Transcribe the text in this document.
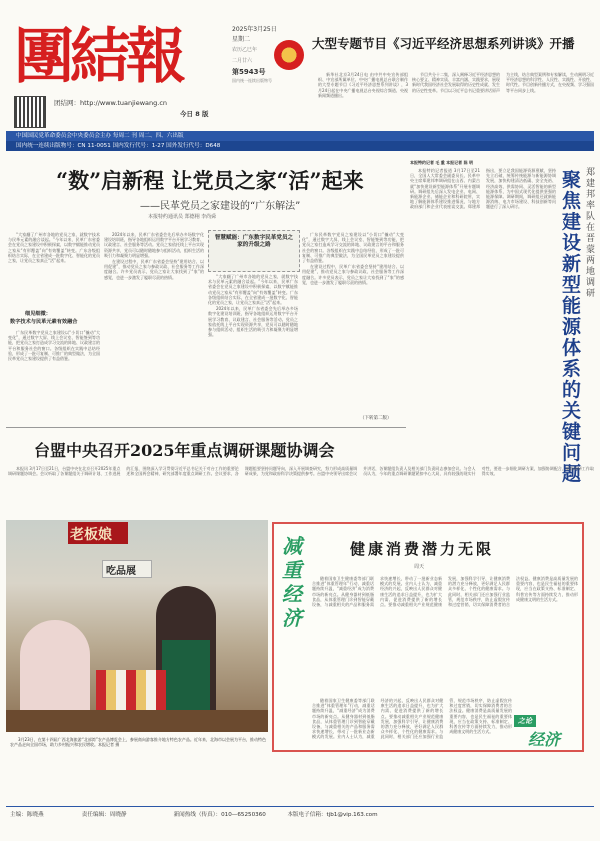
團結報
团结网：http://www.tuanjiewang.cn
今日 8 版
2025年3月25日
星期二
农历乙巳年
二月廿六
第5943号
国内统一连续出版物号
中国国民党革命委员会中央委员会主办 每周二 刊 周二、四、六出版
国内统一连续出版物号：CN 11-0051 国内发行代号：1-27 国外发行代号：D648
大型专题节目《习近平经济思想系列讲谈》开播

新华社北京3月24日电 由中共中央宣传部组织、中宣部所属单位、中央广播电视总台联合制作的大型专题节目《习近平经济思想系列讲谈》，3月24日起在中央广播电视总台央视综合频道、央视新闻频道播出。

节目共分十二集，深入阐释习近平经济思想的核心要义、精神实质、丰富内涵、实践要求，展现新时代我国经济社会发展取得的历史性成就、发生的历史性变革。节目以习近平总书记重要讲话原声为主线，结合典型案例和专家解读，生动阐明习近平经济思想的科学性、人民性、实践性、开放性、时代性。节目创新传播方式，在央视频、学习强国等平台同步上线。

本报特约记者 毛 重 本报记者 陈 明

本报特约记者报道 3月17日至21日，全国人大常委会副委员长、民革中央主席郑建邦率调研组在山西、内蒙古就“加快建设新型能源体系”开展专题调研。调研组先后深入发电企业、电网、新能源企业、储能企业和科研院所，实地了解能源体系建设推进情况，与地方政府部门和企业代表座谈交流。郑建邦指出，要立足我国能源资源禀赋，坚持先立后破，统筹传统能源与新能源协调发展，加快构建清洁低碳、安全充裕、经济高效、供需协同、灵活智能的新型能源体系，为中国式现代化提供坚强的能源保障。调研期间，调研组还就新能源消纳、电力市场建设、科技创新等问题进行了深入研讨。

聚焦建设新型能源体系的关键问题
郑建邦率队在晋蒙两地调研
“数”启新程 让党员之家“活”起来
——民革党员之家建设的“广东解法”
本报特约通讯员 郑德栩 李尚舜

“大家翻了广州市各地的党员之家，就数字技术与民革元素的融合谈起。”今年以来，民革广东省委会在党员之家建设中积极探索，以数字赋能推动党员之家从“有形覆盖”向“有效覆盖”转变。广东各级组织结合实际，在全省建成一批数字化、智能化的党员之家，让党员之家真正“活”起来。

细见细微：
数字技术与民革元素有效融合

广东民革数字党员之家建设以“小切口”撬动“大变化”，通过数字大屏、线上会议室、智能签到等功能，把党员之家打造成学习交流的阵地、议政建言的平台和服务社会的窗口。各级组织在实践中总结经验，形成了一批可复制、可推广的典型做法，为全国民革党员之家建设提供了有益借鉴。

2024年以来，民革广东省委会先后举办多场数字化建设培训班，指导各地组织运用数字平台开展学习教育、议政建言、社会服务等活动。党员之家依托线上平台实现资源共享，党员可以随时随地参与组织活动，组织生活的吸引力和凝聚力明显增强。

在建设过程中，民革广东省委会坚持“建用结合、以用促建”，推动党员之家与参政议政、社会服务等工作深度融合。许多党员表示，党员之家让大家找到了“家”的感觉，也进一步激发了履职尽责的热情。

智慧赋能：广东数字民革党员之家的升级之路

“大家翻了广州市各地的党员之家，就数字技术与民革元素的融合谈起。”今年以来，民革广东省委会在党员之家建设中积极探索，以数字赋能推动党员之家从“有形覆盖”向“有效覆盖”转变。广东各级组织结合实际，在全省建成一批数字化、智能化的党员之家，让党员之家真正“活”起来。

2024年以来，民革广东省委会先后举办多场数字化建设培训班，指导各地组织运用数字平台开展学习教育、议政建言、社会服务等活动。党员之家依托线上平台实现资源共享，党员可以随时随地参与组织活动，组织生活的吸引力和凝聚力明显增强。

广东民革数字党员之家建设以“小切口”撬动“大变化”，通过数字大屏、线上会议室、智能签到等功能，把党员之家打造成学习交流的阵地、议政建言的平台和服务社会的窗口。各级组织在实践中总结经验，形成了一批可复制、可推广的典型做法，为全国民革党员之家建设提供了有益借鉴。

在建设过程中，民革广东省委会坚持“建用结合、以用促建”，推动党员之家与参政议政、社会服务等工作深度融合。许多党员表示，党员之家让大家找到了“家”的感觉，也进一步激发了履职尽责的热情。

（下转第二版）
台盟中央召开2025年重点调研课题协调会

本报讯 3月17日至21日，台盟中央在北京召开2025年重点调研课题协调会。会议听取了各课题组关于调研计划、工作进展的汇报，围绕深入学习贯彻习近平总书记关于对台工作的重要论述和全国两会精神，研究部署年度重点调研工作。会议要求，各课题组要坚持问题导向，深入开展调查研究，努力形成高质量调研成果，为党和政府科学决策提供参考。台盟中央领导出席会议并讲话，各课题组负责人及相关部门负责同志参加会议。与会人员认为，今年的重点调研课题紧扣中心大局，具有较强的现实针对性，要进一步细化调研方案，加强协调配合，确保调研工作取得实效。

老板娘
吃品展

3月23日，在第十四届广西北海旅游“北部湾”农产品博览会上，参展商向游客推介地方特色农产品。近年来，北海市以会展为平台，推动特色农产品走向全国市场，助力乡村振兴和农民增收。本报记者 摄

减重经济
健康消费潜力无限
周天

随着国家卫生健康委等部门联合推进“体重管理年”行动，减重话题持续升温，“减重经济”成为消费市场的新亮点。从健身器材到低脂食品，从体重管理门诊到智能穿戴设备，与减重相关的产品和服务需求快速增长，带动了一批新业态新模式的发展。业内人士认为，减重经济的兴起，反映出人民群众对健康生活的追求日益提升，也为扩大内需、促进消费提供了新的增长点。要推动减重相关产业规范健康发展，加强科学引导，让健康消费的潜力充分释放，更好满足人民群众多样化、个性化的健康需求。与此同时，相关部门还应加强行业监管，规范市场秩序，防止虚假宣传和过度营销，切实保障消费者的合法权益。健康消费是高质量发展的重要内容，也是民生福祉的重要体现，应当在政策支持、标准制定、科普宣传等方面持续发力，推动形成健康文明的生活方式。

随着国家卫生健康委等部门联合推进“体重管理年”行动，减重话题持续升温，“减重经济”成为消费市场的新亮点。从健身器材到低脂食品，从体重管理门诊到智能穿戴设备，与减重相关的产品和服务需求快速增长，带动了一批新业态新模式的发展。业内人士认为，减重经济的兴起，反映出人民群众对健康生活的追求日益提升，也为扩大内需、促进消费提供了新的增长点。要推动减重相关产业规范健康发展，加强科学引导，让健康消费的潜力充分释放，更好满足人民群众多样化、个性化的健康需求。与此同时，相关部门还应加强行业监管，规范市场秩序，防止虚假宣传和过度营销，切实保障消费者的合法权益。健康消费是高质量发展的重要内容，也是民生福祉的重要体现，应当在政策支持、标准制定、科普宣传等方面持续发力，推动形成健康文明的生活方式。

之论
经济
主编：陈晓燕	责任编辑：周晓静	新闻热线（传真）：010—65250360	本版电子信箱：tjb1@vip.163.com
